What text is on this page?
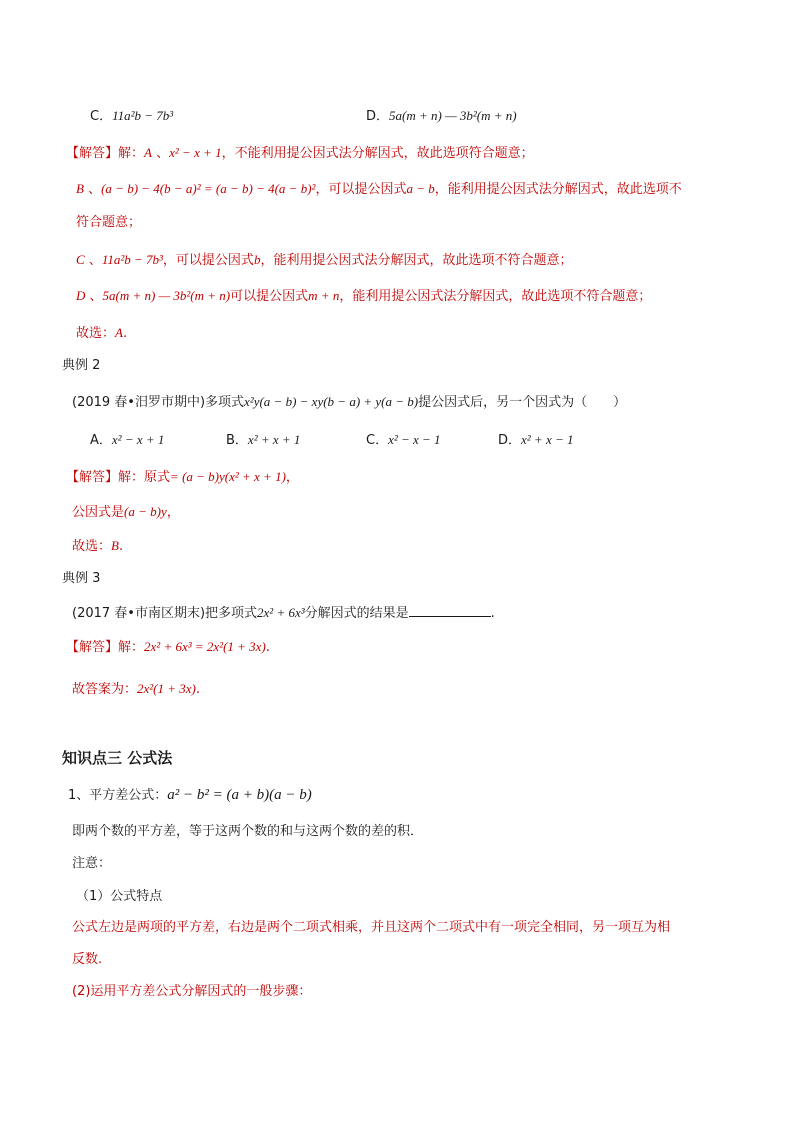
C．11a²b − 7b³	D．5a(m + n) — 3b²(m + n)
【解答】解：A 、x² − x + 1，不能利用提公因式法分解因式，故此选项符合题意；
B 、(a − b) − 4(b − a)² = (a − b) − 4(a − b)²，可以提公因式a − b，能利用提公因式法分解因式，故此选项不
符合题意；
C 、11a²b − 7b³，可以提公因式b，能利用提公因式法分解因式，故此选项不符合题意；
D 、5a(m + n) — 3b²(m + n)可以提公因式m + n，能利用提公因式法分解因式，故此选项不符合题意；
故选：A.
典例 2
(2019 春•汨罗市期中)多项式x²y(a − b) − xy(b − a) + y(a − b)提公因式后，另一个因式为（　　）
A．x² − x + 1	B．x² + x + 1	C．x² − x − 1	D．x² + x − 1
【解答】解：原式= (a − b)y(x² + x + 1)，
公因式是(a − b)y，
故选：B.
典例 3
(2017 春•市南区期末)把多项式2x² + 6x³分解因式的结果是	.
【解答】解：2x² + 6x³ = 2x²(1 + 3x).
故答案为：2x²(1 + 3x).
知识点三 公式法
1、平方差公式：a² − b² = (a + b)(a − b)
即两个数的平方差，等于这两个数的和与这两个数的差的积．
注意：
（1）公式特点
公式左边是两项的平方差，右边是两个二项式相乘，并且这两个二项式中有一项完全相同，另一项互为相
反数.
(2)运用平方差公式分解因式的一般步骤：
